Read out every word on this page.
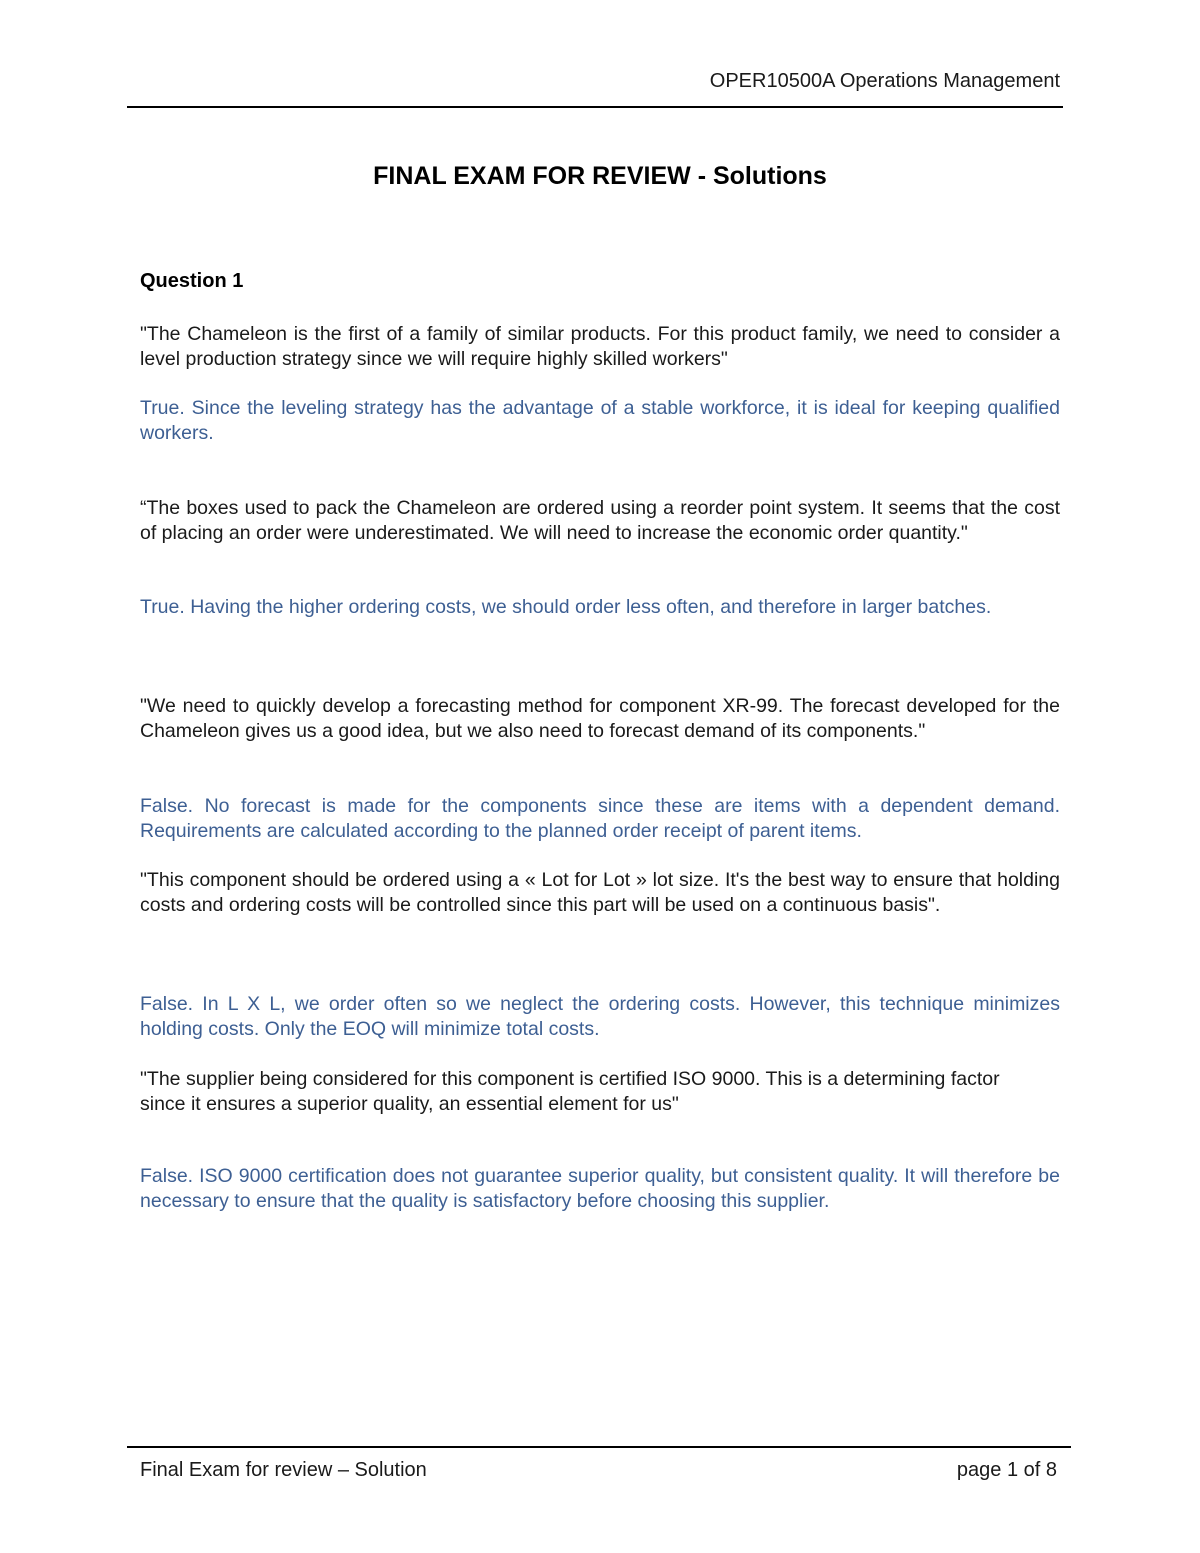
OPER10500A Operations Management
FINAL EXAM FOR REVIEW - Solutions
Question 1

"The Chameleon is the first of a family of similar products. For this product family, we need to consider a level production strategy since we will require highly skilled workers"

True. Since the leveling strategy has the advantage of a stable workforce, it is ideal for keeping qualified workers.

“The boxes used to pack the Chameleon are ordered using a reorder point system. It seems that the cost of placing an order were underestimated. We will need to increase the economic order quantity."

True. Having the higher ordering costs, we should order less often, and therefore in larger batches.

"We need to quickly develop a forecasting method for component XR-99. The forecast developed for the Chameleon gives us a good idea, but we also need to forecast demand of its components."

False. No forecast is made for the components since these are items with a dependent demand. Requirements are calculated according to the planned order receipt of parent items.

"This component should be ordered using a « Lot for Lot » lot size. It's the best way to ensure that holding costs and ordering costs will be controlled since this part will be used on a continuous basis".

False. In L X L, we order often so we neglect the ordering costs. However, this technique minimizes holding costs. Only the EOQ will minimize total costs.

"The supplier being considered for this component is certified ISO 9000. This is a determining factor since it ensures a superior quality, an essential element for us"

False. ISO 9000 certification does not guarantee superior quality, but consistent quality. It will therefore be necessary to ensure that the quality is satisfactory before choosing this supplier.

Final Exam for review – Solution	page 1 of 8
